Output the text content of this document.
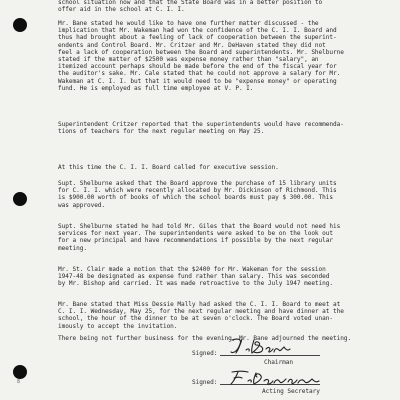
school situation now and that the State Board was in a better position to
offer aid in the school at C. I. I.

Mr. Bane stated he would like to have one further matter discussed - the
implication that Mr. Wakeman had won the confidence of the C. I. I. Board and
thus had brought about a feeling of lack of cooperation between the superint-
endents and Control Board. Mr. Critzer and Mr. DeHaven stated they did not
feel a lack of cooperation between the Board and superintendents. Mr. Shelburne
stated if the matter of $2500 was expense money rather than "salary", an
itemized account perhaps should be made before the end of the fiscal year for
the auditor's sake. Mr. Cale stated that he could not approve a salary for Mr.
Wakeman at C. I. I. but that it would need to be "expense money" or operating
fund. He is employed as full time employee at V. P. I.

Superintendent Critzer reported that the superintendents would have recommenda-
tions of teachers for the next regular meeting on May 25.

At this time the C. I. I. Board called for executive session.

Supt. Shelburne asked that the Board approve the purchase of 15 library units
for C. I. I. which were recently allocated by Mr. Dickinson of Richmond. This
is $900.00 worth of books of which the school boards must pay $ 300.00. This
was approved.

Supt. Shelburne stated he had told Mr. Giles that the Board would not need his
services for next year. The superintendents were asked to be on the look out
for a new principal and have recommendations if possible by the next regular
meeting.

Mr. St. Clair made a motion that the $2400 for Mr. Wakeman for the session
1947-48 be designated as expense fund rather than salary. This was seconded
by Mr. Bishop and carried. It was made retroactive to the July 1947 meeting.

Mr. Bane stated that Miss Dessie Mally had asked the C. I. I. Board to meet at
C. I. I. Wednesday, May 25, for the next regular meeting and have dinner at the
school, the hour of the dinner to be at seven o'clock. The Board voted unan-
imously to accept the invitation.

There being not further business for the evening, Mr. Bane adjourned the meeting.

Signed:
Chairman
Signed:
Acting Secretary
8
